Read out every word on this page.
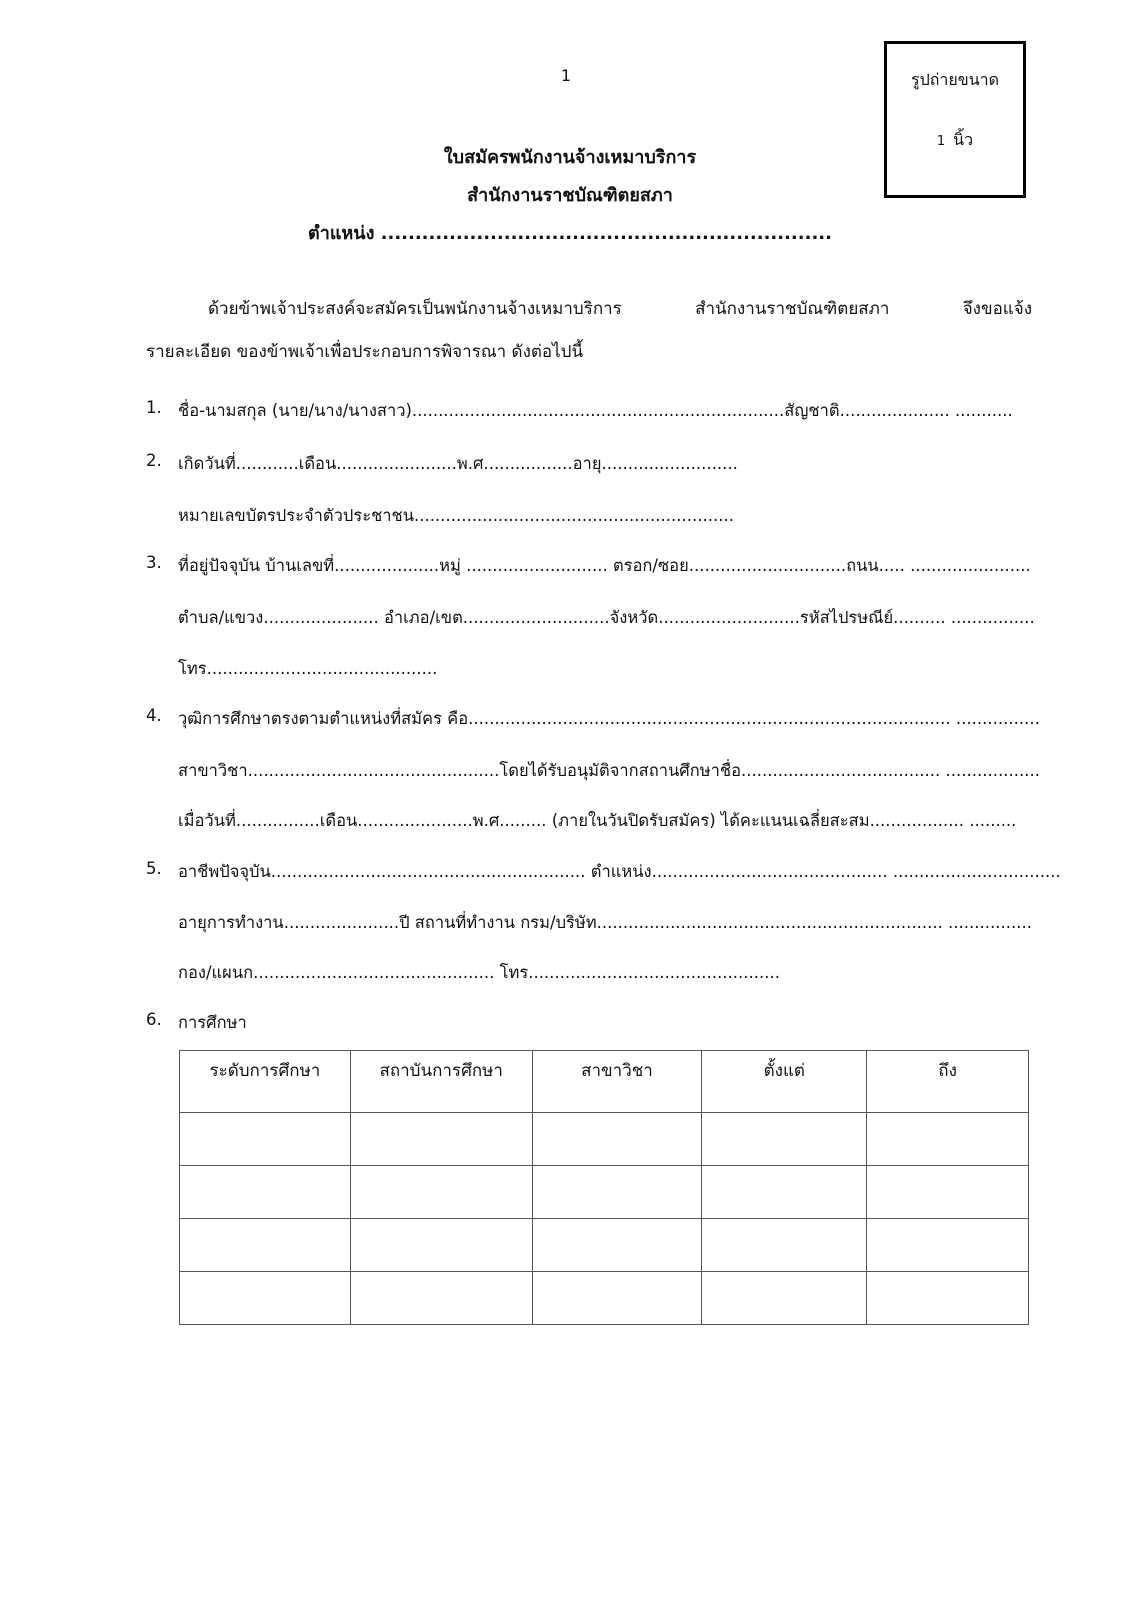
1	รูปถ่ายขนาด
1 นิ้ว
ใบสมัครพนักงานจ้างเหมาบริการ
สำนักงานราชบัณฑิตยสภา
ตำแหน่ง ..................................................................
ด้วยข้าพเจ้าประสงค์จะสมัครเป็นพนักงานจ้างเหมาบริการ สำนักงานราชบัณฑิตยสภา จึงขอแจ้ง
รายละเอียด ของข้าพเจ้าเพื่อประกอบการพิจารณา ดังต่อไปนี้
1. ชื่อ-นามสกุล (นาย/นาง/นางสาว).......................................................................สัญชาติ..................... ...........
2. เกิดวันที่............เดือน.......................พ.ศ.................อายุ..........................
หมายเลขบัตรประจำตัวประชาชน.............................................................
3. ที่อยู่ปัจจุบัน บ้านเลขที่....................หมู่ ........................... ตรอก/ซอย..............................ถนน..... .......................
ตำบล/แขวง...................... อำเภอ/เขต............................จังหวัด...........................รหัสไปรษณีย์.......... ................
โทร............................................
4. วุฒิการศึกษาตรงตามตำแหน่งที่สมัคร คือ............................................................................................ ................
สาขาวิชา................................................โดยได้รับอนุมัติจากสถานศึกษาชื่อ...................................... ..................
เมื่อวันที่................เดือน......................พ.ศ......... (ภายในวันปิดรับสมัคร) ได้คะแนนเฉลี่ยสะสม.................. .........
5. อาชีพปัจจุบัน............................................................ ตำแหน่ง............................................. ................................
อายุการทำงาน......................ปี สถานที่ทำงาน กรม/บริษัท.................................................................. ................
กอง/แผนก.............................................. โทร................................................
6. การศึกษา
ระดับการศึกษา	สถาบันการศึกษา	สาขาวิชา	ตั้งแต่	ถึง
